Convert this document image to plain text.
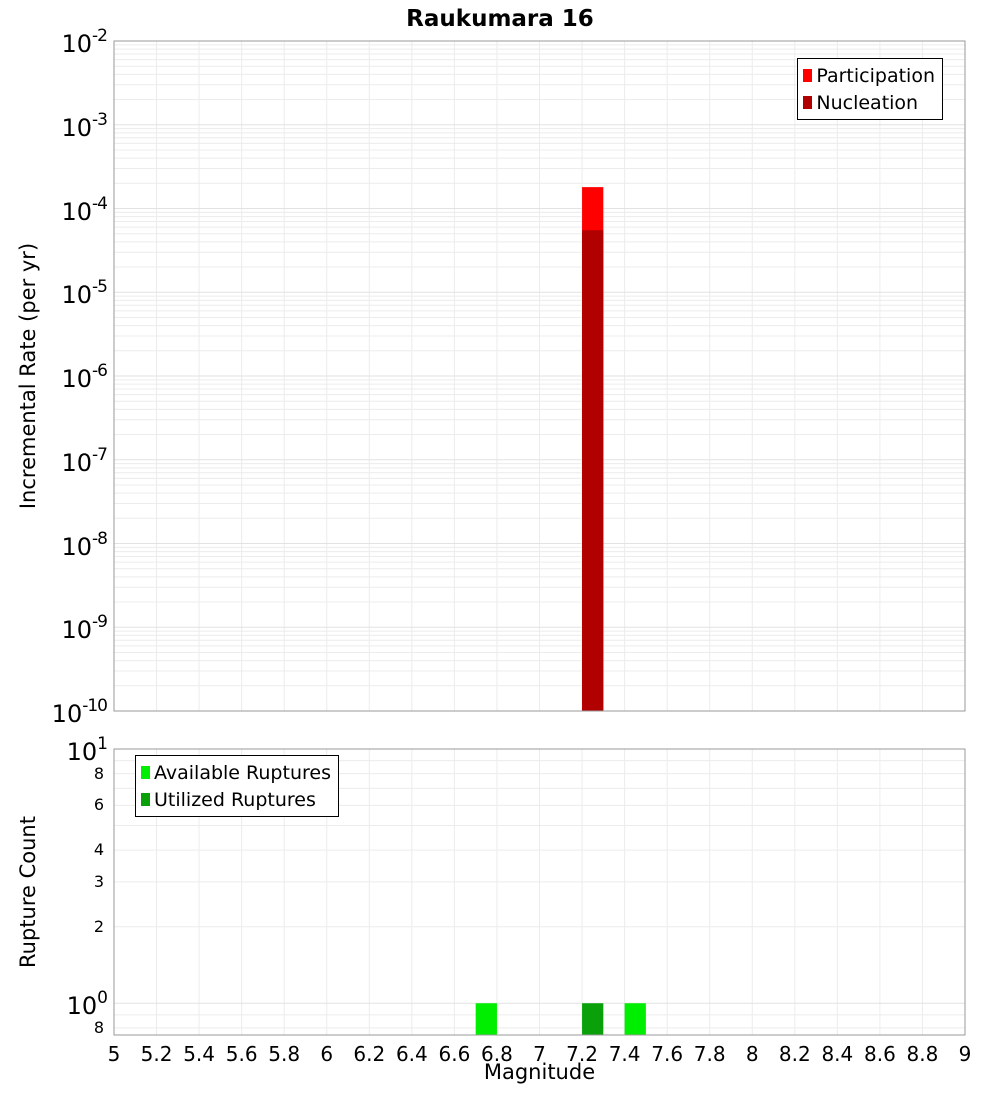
Raukumara 16
Incremental Rate (per yr)
Rupture Count
Magnitude
$10^{-2}$
$10^{-3}$
$10^{-4}$
$10^{-5}$
$10^{-6}$
$10^{-7}$
$10^{-8}$
$10^{-9}$
$10^{-10}$
Participation
Nucleation
$10^1$
$10^0$
8
6
4
3
2
8
5	5.2 5.4 5.6 5.8	6	6.2 6.4 6.6 6.8	7	7.2 7.4 7.6 7.8	8	8.2 8.4 8.6 8.8	9
Available Ruptures
Utilized Ruptures
